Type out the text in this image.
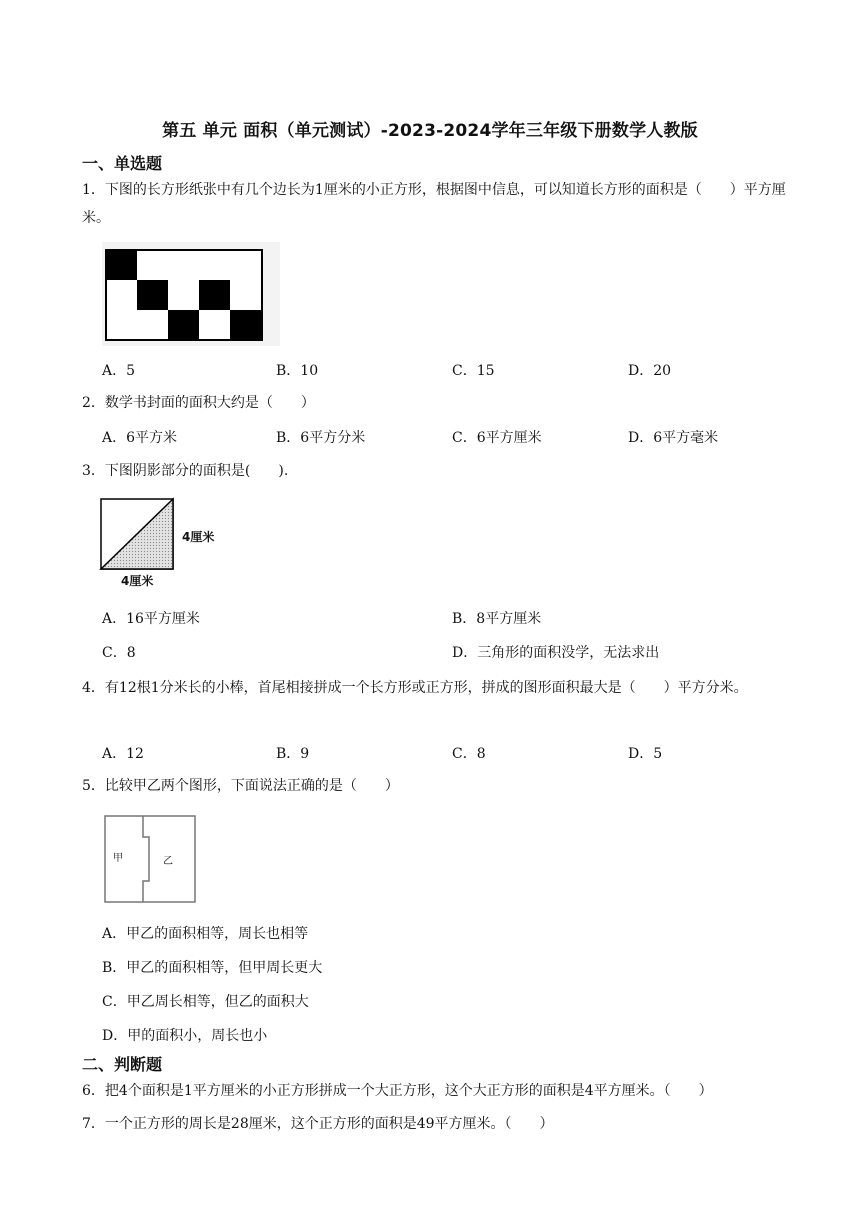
第五 单元 面积（单元测试）-2023-2024学年三年级下册数学人教版
一、单选题
1．下图的长方形纸张中有几个边长为1厘米的小正方形，根据图中信息，可以知道长方形的面积是（　　）平方厘米。
A．5	B．10	C．15	D．20
2．数学书封面的面积大约是（　　）
A．6平方米	B．6平方分米	C．6平方厘米	D．6平方毫米
3．下图阴影部分的面积是(　　).
4厘米
4厘米
A．16平方厘米	B．8平方厘米
C．8	D．三角形的面积没学，无法求出
4．有12根1分米长的小棒，首尾相接拼成一个长方形或正方形，拼成的图形面积最大是（　　）平方分米。
A．12	B．9	C．8	D．5
5．比较甲乙两个图形，下面说法正确的是（　　）
甲	乙
A．甲乙的面积相等，周长也相等
B．甲乙的面积相等，但甲周长更大
C．甲乙周长相等，但乙的面积大
D．甲的面积小，周长也小
二、判断题
6．把4个面积是1平方厘米的小正方形拼成一个大正方形，这个大正方形的面积是4平方厘米。（　　）
7．一个正方形的周长是28厘米，这个正方形的面积是49平方厘米。（　　）
